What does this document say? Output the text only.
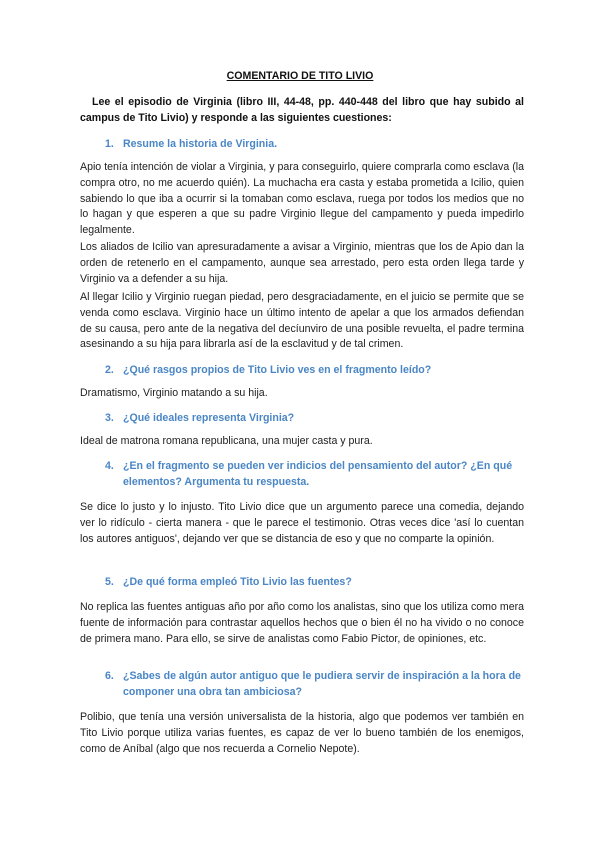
COMENTARIO DE TITO LIVIO
Lee el episodio de Virginia (libro III, 44-48, pp. 440-448 del libro que hay subido al campus de Tito Livio) y responde a las siguientes cuestiones:
1. Resume la historia de Virginia.

Apio tenía intención de violar a Virginia, y para conseguirlo, quiere comprarla como esclava (la compra otro, no me acuerdo quién). La muchacha era casta y estaba prometida a Icilio, quien sabiendo lo que iba a ocurrir si la tomaban como esclava, ruega por todos los medios que no lo hagan y que esperen a que su padre Virginio llegue del campamento y pueda impedirlo legalmente.

Los aliados de Icilio van apresuradamente a avisar a Virginio, mientras que los de Apio dan la orden de retenerlo en el campamento, aunque sea arrestado, pero esta orden llega tarde y Virginio va a defender a su hija.

Al llegar Icilio y Virginio ruegan piedad, pero desgraciadamente, en el juicio se permite que se venda como esclava. Virginio hace un último intento de apelar a que los armados defiendan de su causa, pero ante de la negativa del decíunviro de una posible revuelta, el padre termina asesinando a su hija para librarla así de la esclavitud y de tal crimen.

2. ¿Qué rasgos propios de Tito Livio ves en el fragmento leído?

Dramatismo, Virginio matando a su hija.

3. ¿Qué ideales representa Virginia?

Ideal de matrona romana republicana, una mujer casta y pura.

4. ¿En el fragmento se pueden ver indicios del pensamiento del autor? ¿En qué elementos? Argumenta tu respuesta.

Se dice lo justo y lo injusto. Tito Livio dice que un argumento parece una comedia, dejando ver lo ridículo - cierta manera - que le parece el testimonio. Otras veces dice 'así lo cuentan los autores antiguos', dejando ver que se distancia de eso y que no comparte la opinión.

5. ¿De qué forma empleó Tito Livio las fuentes?

No replica las fuentes antiguas año por año como los analistas, sino que los utiliza como mera fuente de información para contrastar aquellos hechos que o bien él no ha vivido o no conoce de primera mano. Para ello, se sirve de analistas como Fabio Pictor, de opiniones, etc.

6. ¿Sabes de algún autor antiguo que le pudiera servir de inspiración a la hora de componer una obra tan ambiciosa?

Polibio, que tenía una versión universalista de la historia, algo que podemos ver también en Tito Livio porque utiliza varias fuentes, es capaz de ver lo bueno también de los enemigos, como de Aníbal (algo que nos recuerda a Cornelio Nepote).
